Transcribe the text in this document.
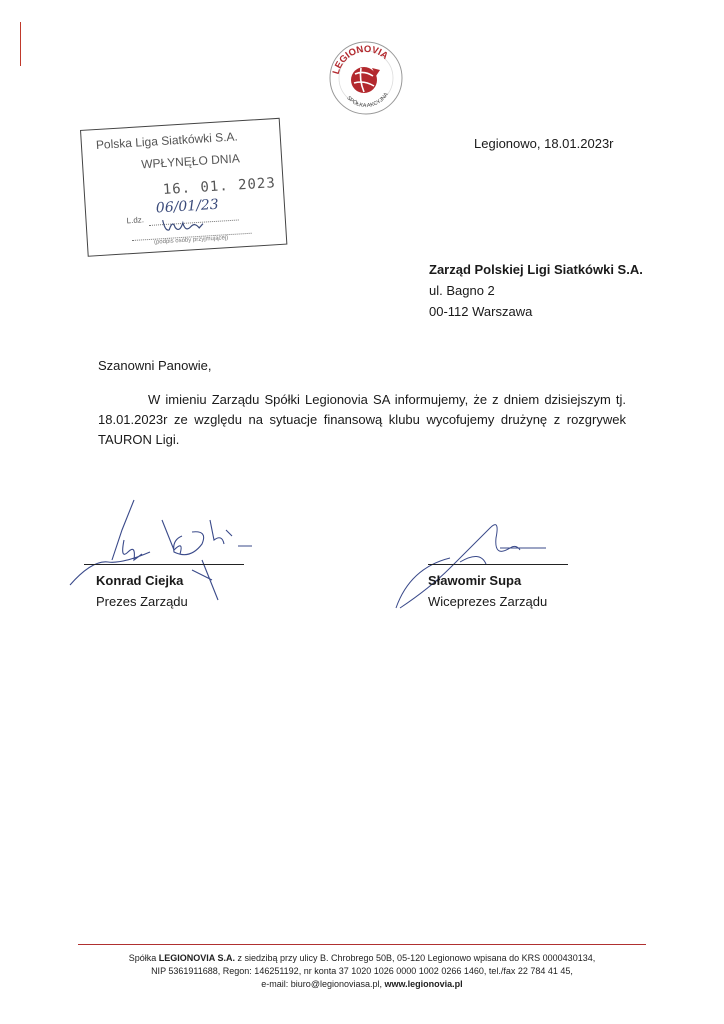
LEGIONOVIA
SPÓŁKA AKCYJNA
Polska Liga Siatkówki S.A.
WPŁYNĘŁO DNIA
16. 01. 2023
L.dz.
06/01/23
(podpis osoby przyjmującej)
Legionowo, 18.01.2023r
Zarząd Polskiej Ligi Siatkówki S.A.
ul. Bagno 2
00-112 Warszawa
Szanowni Panowie,
W imieniu Zarządu Spółki Legionovia SA informujemy, że z dniem dzisiejszym tj. 18.01.2023r ze względu na sytuacje finansową klubu wycofujemy drużynę z rozgrywek TAURON Ligi.
Konrad Ciejka
Prezes Zarządu
Sławomir Supa
Wiceprezes Zarządu
Spółka LEGIONOVIA S.A. z siedzibą przy ulicy B. Chrobrego 50B, 05-120 Legionowo wpisana do KRS 0000430134,
NIP 5361911688, Regon: 146251192, nr konta 37 1020 1026 0000 1002 0266 1460, tel./fax 22 784 41 45,
e-mail: biuro@legionoviasa.pl, www.legionovia.pl
